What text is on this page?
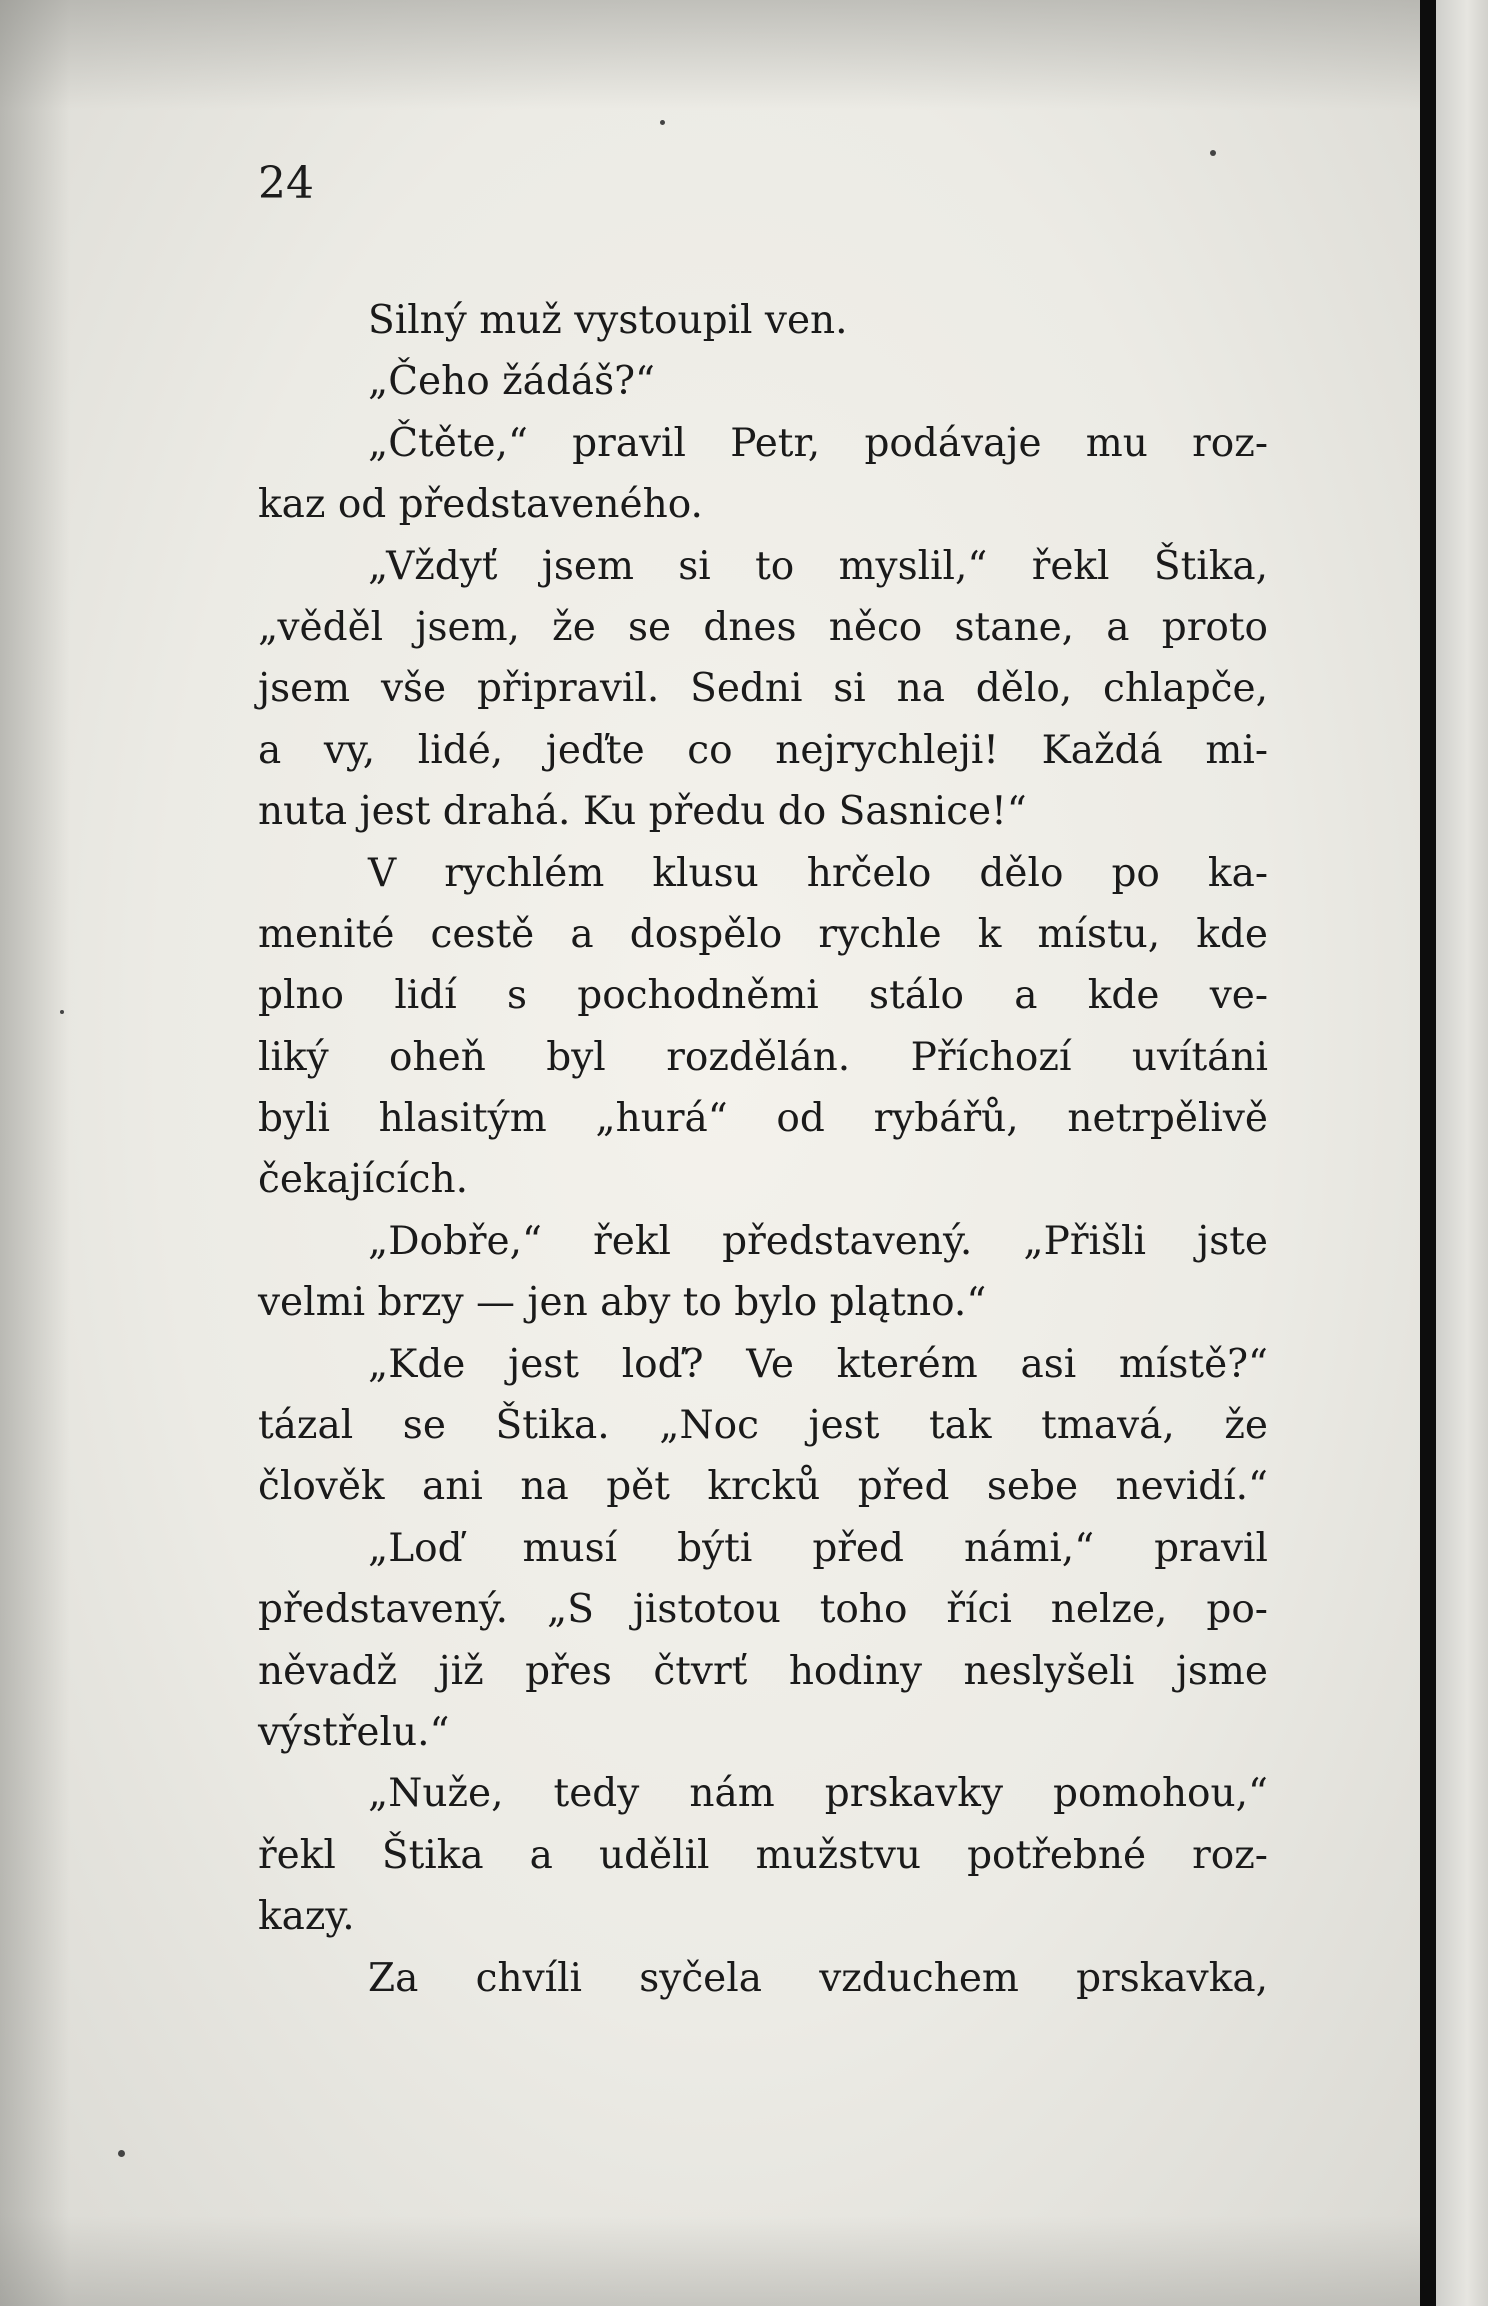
24
Silný muž vystoupil ven.
„Čeho žádáš?“
„Čtěte,“ pravil Petr, podávaje mu roz-
kaz od představeného.
„Vždyť jsem si to myslil,“ řekl Štika,
„věděl jsem, že se dnes něco stane, a proto
jsem vše připravil. Sedni si na dělo, chlapče,
a vy, lidé, jeďte co nejrychleji! Každá mi-
nuta jest drahá. Ku předu do Sasnice!“
V rychlém klusu hrčelo dělo po ka-
menité cestě a dospělo rychle k místu, kde
plno lidí s pochodněmi stálo a kde ve-
liký oheň byl rozdělán. Příchozí uvítáni
byli hlasitým „hurá“ od rybářů, netrpělivě
čekajících.
„Dobře,“ řekl představený. „Přišli jste
velmi brzy — jen aby to bylo plątno.“
„Kde jest loď? Ve kterém asi místě?“
tázal se Štika. „Noc jest tak tmavá, že
člověk ani na pět krcků před sebe nevidí.“
„Loď musí býti před námi,“ pravil
představený. „S jistotou toho říci nelze, po-
něvadž již přes čtvrť hodiny neslyšeli jsme
výstřelu.“
„Nuže, tedy nám prskavky pomohou,“
řekl Štika a udělil mužstvu potřebné roz-
kazy.
Za chvíli syčela vzduchem prskavka,
